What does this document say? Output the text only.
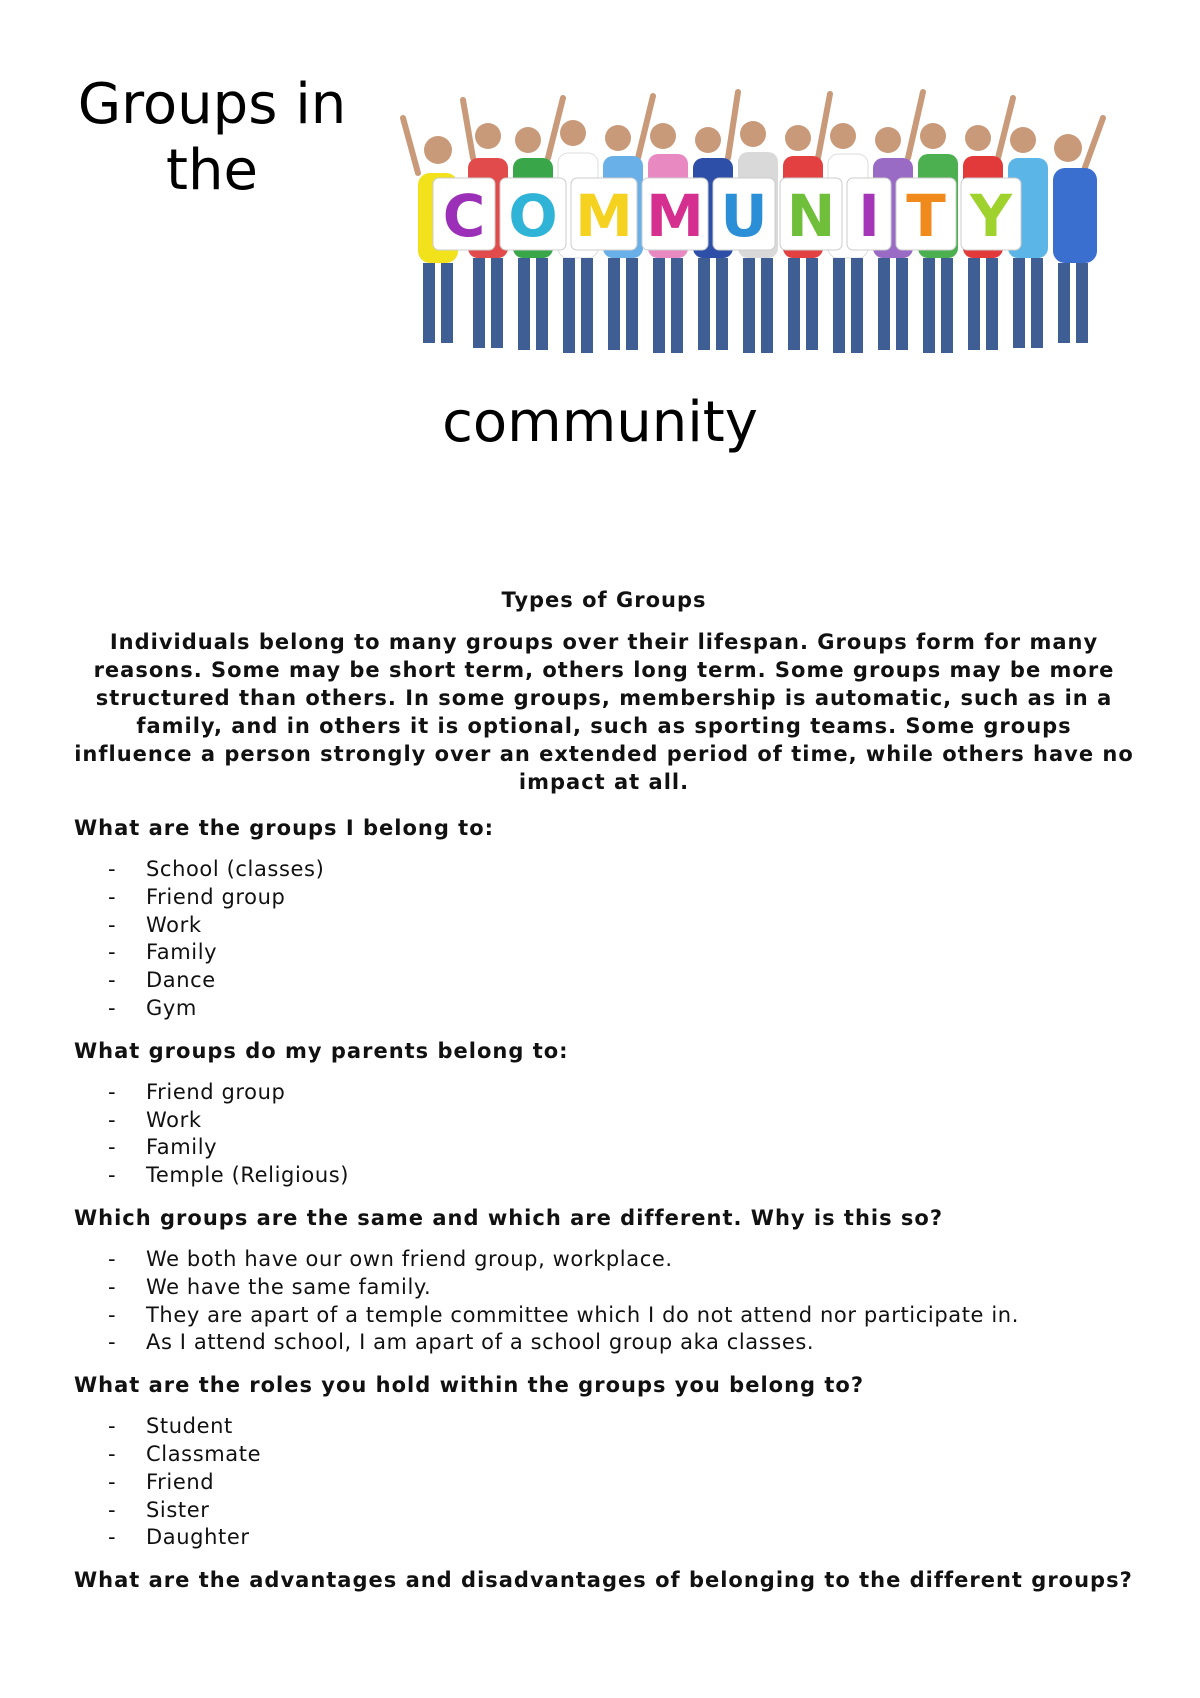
Groups in
the
C O M M U N I T Y
community
Types of Groups
Individuals belong to many groups over their lifespan. Groups form for many reasons. Some may be short term, others long term. Some groups may be more structured than others. In some groups, membership is automatic, such as in a family, and in others it is optional, such as sporting teams. Some groups influence a person strongly over an extended period of time, while others have no impact at all.
What are the groups I belong to:
- School (classes)
- Friend group
- Work
- Family
- Dance
- Gym
What groups do my parents belong to:
- Friend group
- Work
- Family
- Temple (Religious)
Which groups are the same and which are different. Why is this so?
- We both have our own friend group, workplace.
- We have the same family.
- They are apart of a temple committee which I do not attend nor participate in.
- As I attend school, I am apart of a school group aka classes.
What are the roles you hold within the groups you belong to?
- Student
- Classmate
- Friend
- Sister
- Daughter
What are the advantages and disadvantages of belonging to the different groups?
